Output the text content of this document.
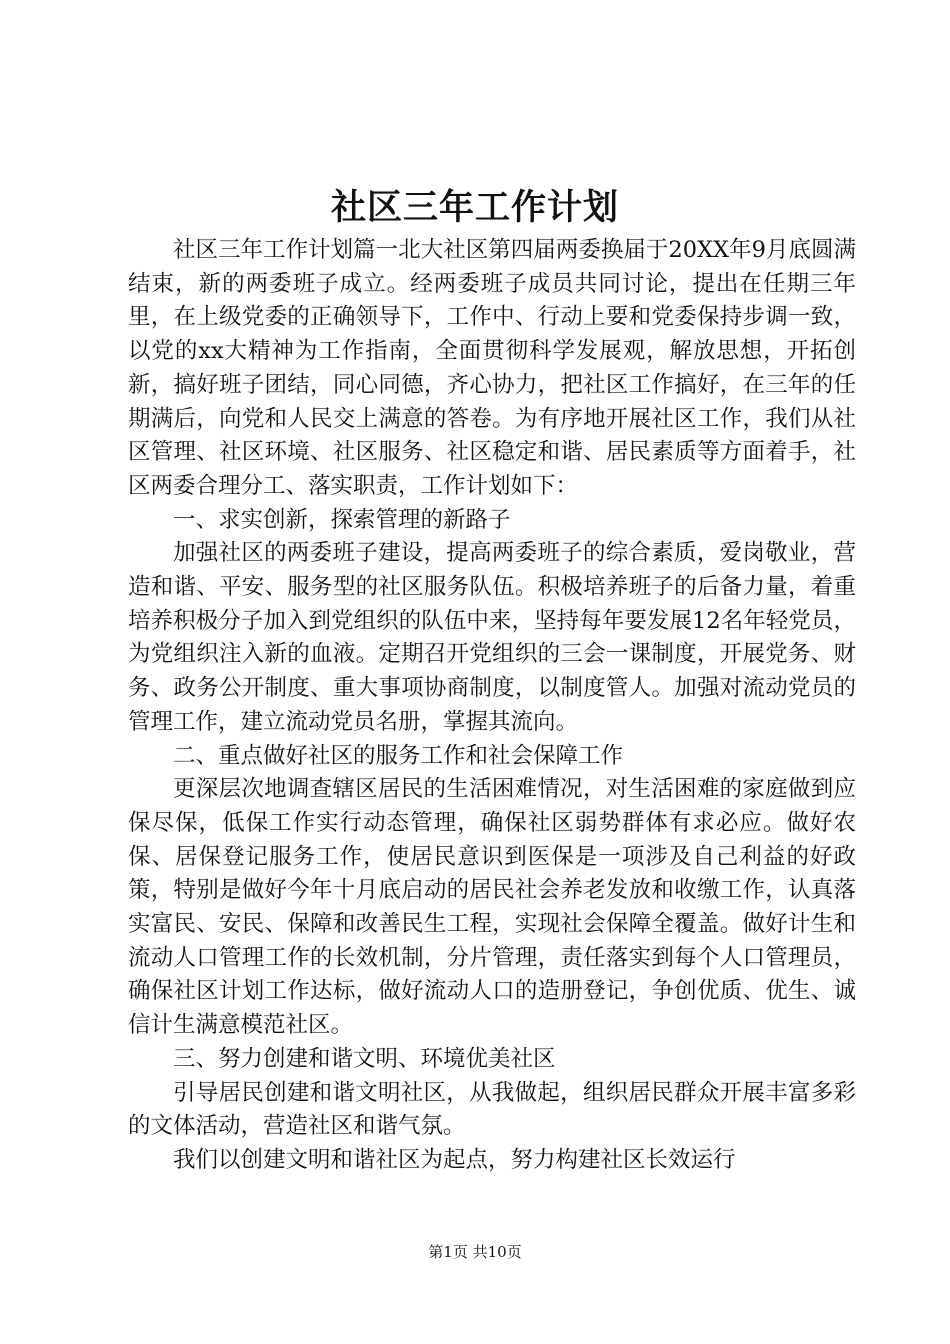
社区三年工作计划

社区三年工作计划篇一北大社区第四届两委换届于20XX年9月底圆满结束，新的两委班子成立。经两委班子成员共同讨论，提出在任期三年里，在上级党委的正确领导下，工作中、行动上要和党委保持步调一致，以党的xx大精神为工作指南，全面贯彻科学发展观，解放思想，开拓创新，搞好班子团结，同心同德，齐心协力，把社区工作搞好，在三年的任期满后，向党和人民交上满意的答卷。为有序地开展社区工作，我们从社区管理、社区环境、社区服务、社区稳定和谐、居民素质等方面着手，社区两委合理分工、落实职责，工作计划如下：

一、求实创新，探索管理的新路子

加强社区的两委班子建设，提高两委班子的综合素质，爱岗敬业，营造和谐、平安、服务型的社区服务队伍。积极培养班子的后备力量，着重培养积极分子加入到党组织的队伍中来，坚持每年要发展12名年轻党员，为党组织注入新的血液。定期召开党组织的三会一课制度，开展党务、财务、政务公开制度、重大事项协商制度，以制度管人。加强对流动党员的管理工作，建立流动党员名册，掌握其流向。

二、重点做好社区的服务工作和社会保障工作

更深层次地调查辖区居民的生活困难情况，对生活困难的家庭做到应保尽保，低保工作实行动态管理，确保社区弱势群体有求必应。做好农保、居保登记服务工作，使居民意识到医保是一项涉及自己利益的好政策，特别是做好今年十月底启动的居民社会养老发放和收缴工作，认真落实富民、安民、保障和改善民生工程，实现社会保障全覆盖。做好计生和流动人口管理工作的长效机制，分片管理，责任落实到每个人口管理员，确保社区计划工作达标，做好流动人口的造册登记，争创优质、优生、诚信计生满意模范社区。

三、努力创建和谐文明、环境优美社区

引导居民创建和谐文明社区，从我做起，组织居民群众开展丰富多彩的文体活动，营造社区和谐气氛。

我们以创建文明和谐社区为起点，努力构建社区长效运行

第1页 共10页
